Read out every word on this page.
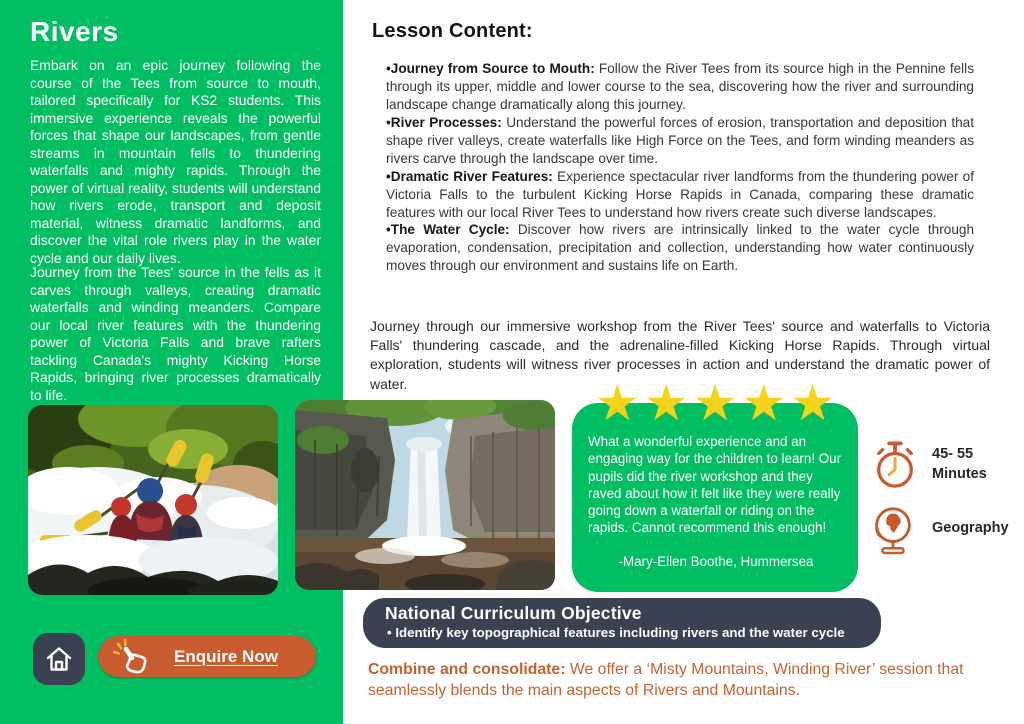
Rivers

Embark on an epic journey following the course of the Tees from source to mouth, tailored specifically for KS2 students. This immersive experience reveals the powerful forces that shape our landscapes, from gentle streams in mountain fells to thundering waterfalls and mighty rapids. Through the power of virtual reality, students will understand how rivers erode, transport and deposit material, witness dramatic landforms, and discover the vital role rivers play in the water cycle and our daily lives.

Journey from the Tees' source in the fells as it carves through valleys, creating dramatic waterfalls and winding meanders. Compare our local river features with the thundering power of Victoria Falls and brave rafters tackling Canada's mighty Kicking Horse Rapids, bringing river processes dramatically to life.

Lesson Content:

•Journey from Source to Mouth: Follow the River Tees from its source high in the Pennine fells through its upper, middle and lower course to the sea, discovering how the river and surrounding landscape change dramatically along this journey.

•River Processes: Understand the powerful forces of erosion, transportation and deposition that shape river valleys, create waterfalls like High Force on the Tees, and form winding meanders as rivers carve through the landscape over time.

•Dramatic River Features: Experience spectacular river landforms from the thundering power of Victoria Falls to the turbulent Kicking Horse Rapids in Canada, comparing these dramatic features with our local River Tees to understand how rivers create such diverse landscapes.

•The Water Cycle: Discover how rivers are intrinsically linked to the water cycle through evaporation, condensation, precipitation and collection, understanding how water continuously moves through our environment and sustains life on Earth.

Journey through our immersive workshop from the River Tees' source and waterfalls to Victoria Falls' thundering cascade, and the adrenaline-filled Kicking Horse Rapids. Through virtual exploration, students will witness river processes in action and understand the dramatic power of water.

What a wonderful experience and an engaging way for the children to learn! Our pupils did the river workshop and they raved about how it felt like they were really going down a waterfall or riding on the rapids. Cannot recommend this enough!

-Mary-Ellen Boothe, Hummersea

★ ★ ★ ★ ★
45- 55
Minutes
Geography

National Curriculum Objective

• Identify key topographical features including rivers and the water cycle

Combine and consolidate: We offer a ‘Misty Mountains, Winding River’ session that seamlessly blends the main aspects of Rivers and Mountains.

Enquire Now
